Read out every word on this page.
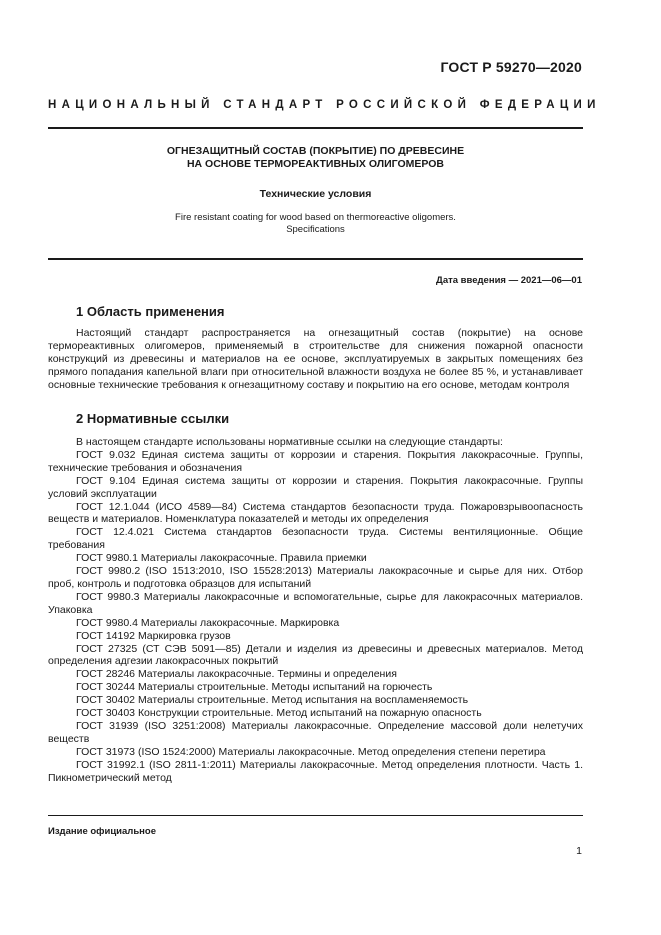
ГОСТ Р 59270—2020
НАЦИОНАЛЬНЫЙ СТАНДАРТ РОССИЙСКОЙ ФЕДЕРАЦИИ
ОГНЕЗАЩИТНЫЙ СОСТАВ (ПОКРЫТИЕ) ПО ДРЕВЕСИНЕ
НА ОСНОВЕ ТЕРМОРЕАКТИВНЫХ ОЛИГОМЕРОВ
Технические условия
Fire resistant coating for wood based on thermoreactive oligomers.
Specifications
Дата введения — 2021—06—01
1 Область применения
Настоящий стандарт распространяется на огнезащитный состав (покрытие) на основе термореактивных олигомеров, применяемый в строительстве для снижения пожарной опасности конструкций из древесины и материалов на ее основе, эксплуатируемых в закрытых помещениях без прямого попадания капельной влаги при относительной влажности воздуха не более 85 %, и устанавливает основные технические требования к огнезащитному составу и покрытию на его основе, методам контроля
2 Нормативные ссылки

В настоящем стандарте использованы нормативные ссылки на следующие стандарты:

ГОСТ 9.032 Единая система защиты от коррозии и старения. Покрытия лакокрасочные. Группы, технические требования и обозначения

ГОСТ 9.104 Единая система защиты от коррозии и старения. Покрытия лакокрасочные. Группы условий эксплуатации

ГОСТ 12.1.044 (ИСО 4589—84) Система стандартов безопасности труда. Пожаровзрывоопасность веществ и материалов. Номенклатура показателей и методы их определения

ГОСТ 12.4.021 Система стандартов безопасности труда. Системы вентиляционные. Общие требования

ГОСТ 9980.1 Материалы лакокрасочные. Правила приемки

ГОСТ 9980.2 (ISO 1513:2010, ISO 15528:2013) Материалы лакокрасочные и сырье для них. Отбор проб, контроль и подготовка образцов для испытаний

ГОСТ 9980.3 Материалы лакокрасочные и вспомогательные, сырье для лакокрасочных материалов. Упаковка

ГОСТ 9980.4 Материалы лакокрасочные. Маркировка

ГОСТ 14192 Маркировка грузов

ГОСТ 27325 (СТ СЭВ 5091—85) Детали и изделия из древесины и древесных материалов. Метод определения адгезии лакокрасочных покрытий

ГОСТ 28246 Материалы лакокрасочные. Термины и определения

ГОСТ 30244 Материалы строительные. Методы испытаний на горючесть

ГОСТ 30402 Материалы строительные. Метод испытания на воспламеняемость

ГОСТ 30403 Конструкции строительные. Метод испытаний на пожарную опасность

ГОСТ 31939 (ISO 3251:2008) Материалы лакокрасочные. Определение массовой доли нелетучих веществ

ГОСТ 31973 (ISO 1524:2000) Материалы лакокрасочные. Метод определения степени перетира

ГОСТ 31992.1 (ISO 2811-1:2011) Материалы лакокрасочные. Метод определения плотности. Часть 1. Пикнометрический метод

Издание официальное
1
